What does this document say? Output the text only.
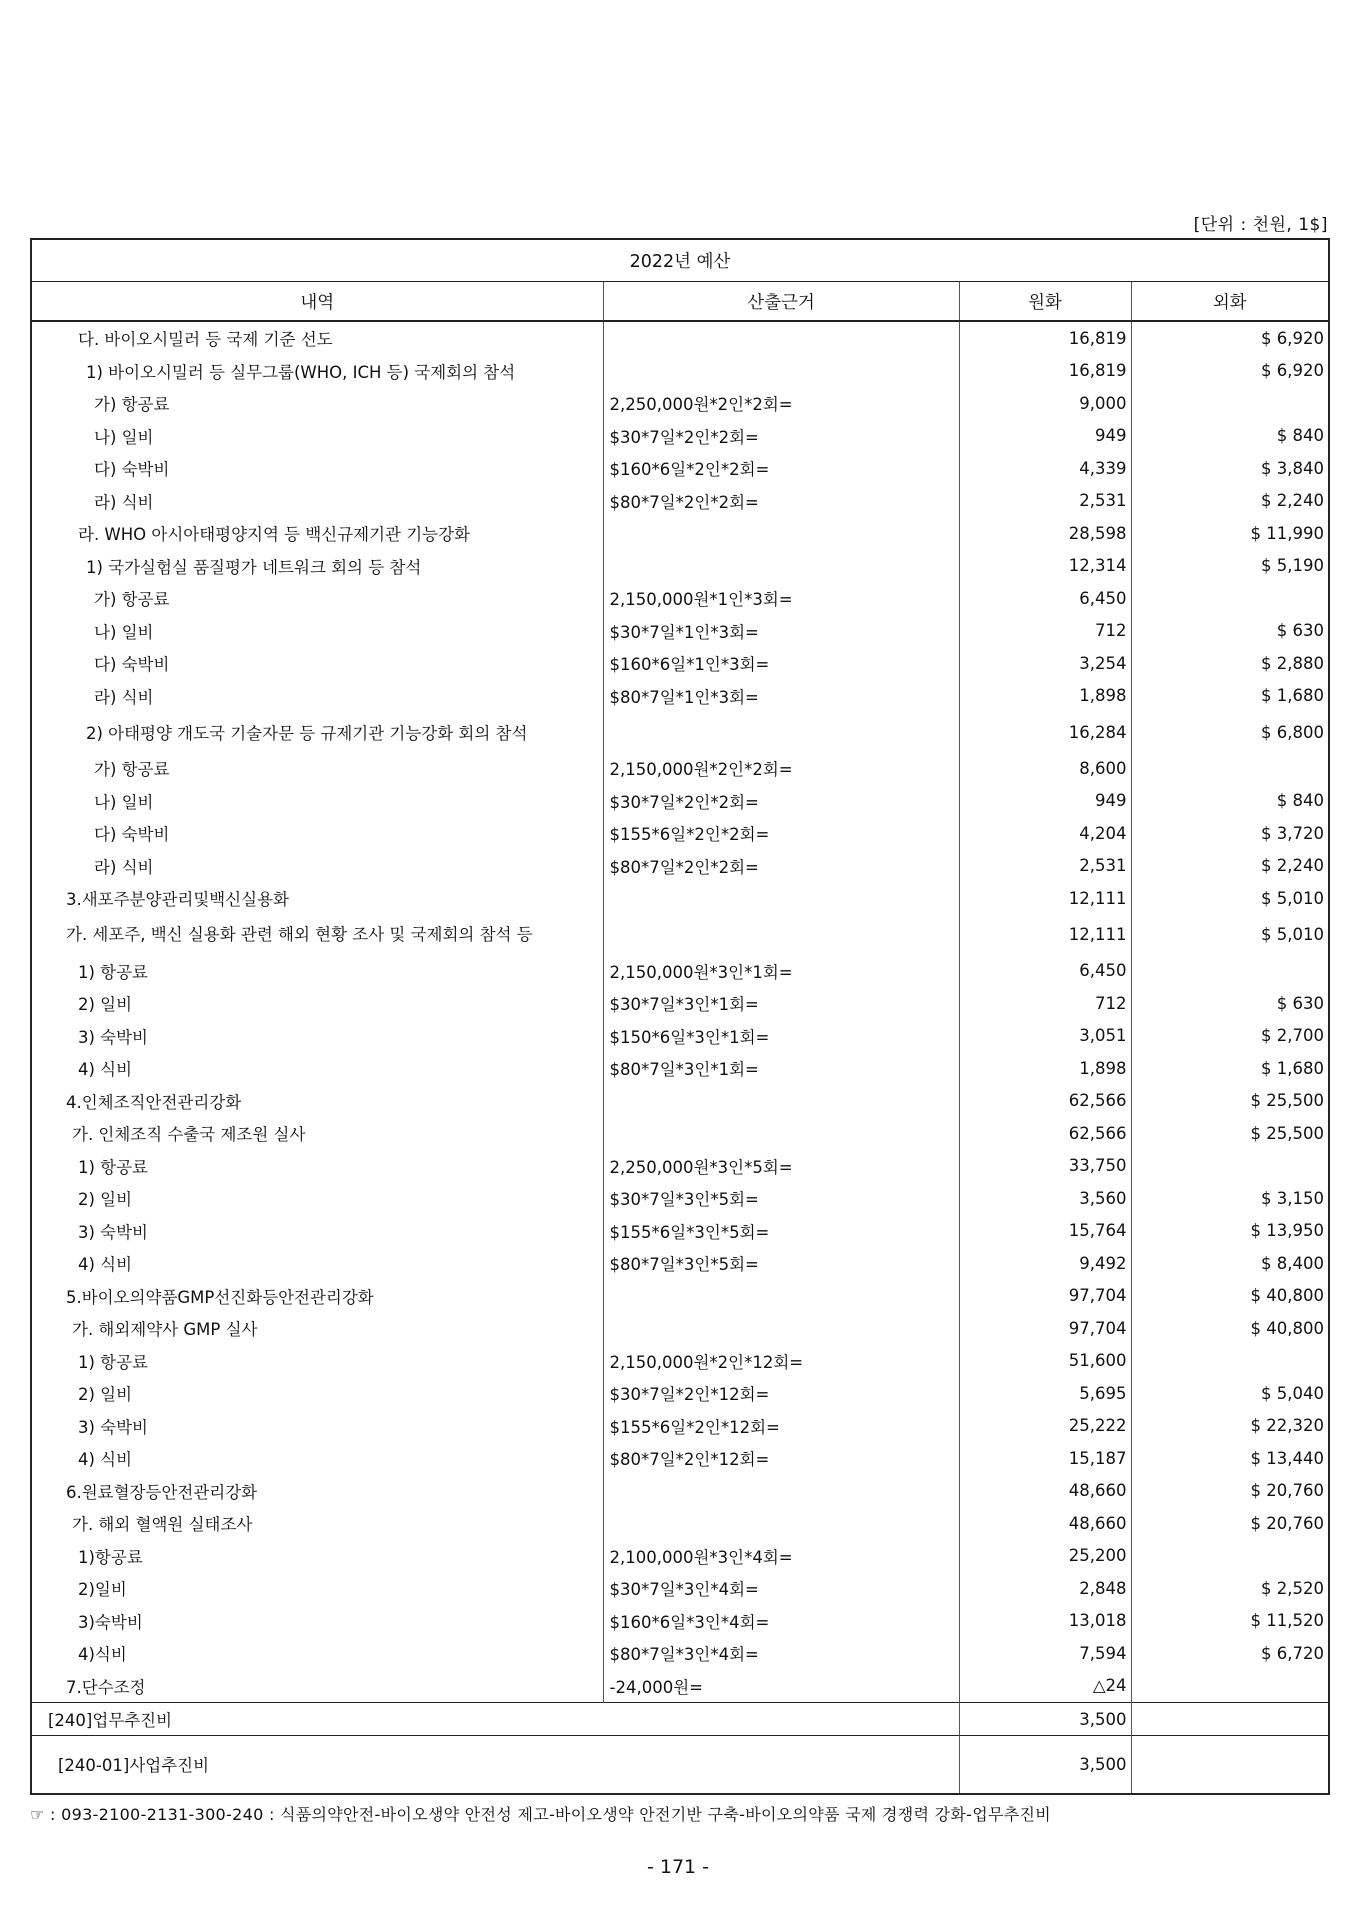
[단위 : 천원, 1$]
2022년 예산			
내역	산출근거	원화	외화
다. 바이오시밀러 등 국제 기준 선도		16,819	$ 6,920
1) 바이오시밀러 등 실무그룹(WHO, ICH 등) 국제회의 참석		16,819	$ 6,920
가) 항공료	2,250,000원*2인*2회=	9,000	
나) 일비	$30*7일*2인*2회=	949	$ 840
다) 숙박비	$160*6일*2인*2회=	4,339	$ 3,840
라) 식비	$80*7일*2인*2회=	2,531	$ 2,240
라. WHO 아시아태평양지역 등 백신규제기관 기능강화		28,598	$ 11,990
1) 국가실험실 품질평가 네트워크 회의 등 참석		12,314	$ 5,190
가) 항공료	2,150,000원*1인*3회=	6,450	
나) 일비	$30*7일*1인*3회=	712	$ 630
다) 숙박비	$160*6일*1인*3회=	3,254	$ 2,880
라) 식비	$80*7일*1인*3회=	1,898	$ 1,680
2) 아태평양 개도국 기술자문 등 규제기관 기능강화 회의 참석		16,284	$ 6,800
가) 항공료	2,150,000원*2인*2회=	8,600	
나) 일비	$30*7일*2인*2회=	949	$ 840
다) 숙박비	$155*6일*2인*2회=	4,204	$ 3,720
라) 식비	$80*7일*2인*2회=	2,531	$ 2,240
3.새포주분양관리및백신실용화		12,111	$ 5,010
가. 세포주, 백신 실용화 관련 해외 현황 조사 및 국제회의 참석 등		12,111	$ 5,010
1) 항공료	2,150,000원*3인*1회=	6,450	
2) 일비	$30*7일*3인*1회=	712	$ 630
3) 숙박비	$150*6일*3인*1회=	3,051	$ 2,700
4) 식비	$80*7일*3인*1회=	1,898	$ 1,680
4.인체조직안전관리강화		62,566	$ 25,500
가. 인체조직 수출국 제조원 실사		62,566	$ 25,500
1) 항공료	2,250,000원*3인*5회=	33,750	
2) 일비	$30*7일*3인*5회=	3,560	$ 3,150
3) 숙박비	$155*6일*3인*5회=	15,764	$ 13,950
4) 식비	$80*7일*3인*5회=	9,492	$ 8,400
5.바이오의약품GMP선진화등안전관리강화		97,704	$ 40,800
가. 해외제약사 GMP 실사		97,704	$ 40,800
1) 항공료	2,150,000원*2인*12회=	51,600	
2) 일비	$30*7일*2인*12회=	5,695	$ 5,040
3) 숙박비	$155*6일*2인*12회=	25,222	$ 22,320
4) 식비	$80*7일*2인*12회=	15,187	$ 13,440
6.원료혈장등안전관리강화		48,660	$ 20,760
가. 해외 혈액원 실태조사		48,660	$ 20,760
1)항공료	2,100,000원*3인*4회=	25,200	
2)일비	$30*7일*3인*4회=	2,848	$ 2,520
3)숙박비	$160*6일*3인*4회=	13,018	$ 11,520
4)식비	$80*7일*3인*4회=	7,594	$ 6,720
7.단수조정	-24,000원=	△24	
[240]업무추진비		3,500	
[240-01]사업추진비		3,500	
☞ : 093-2100-2131-300-240 : 식품의약안전-바이오생약 안전성 제고-바이오생약 안전기반 구축-바이오의약품 국제 경쟁력 강화-업무추진비
- 171 -
